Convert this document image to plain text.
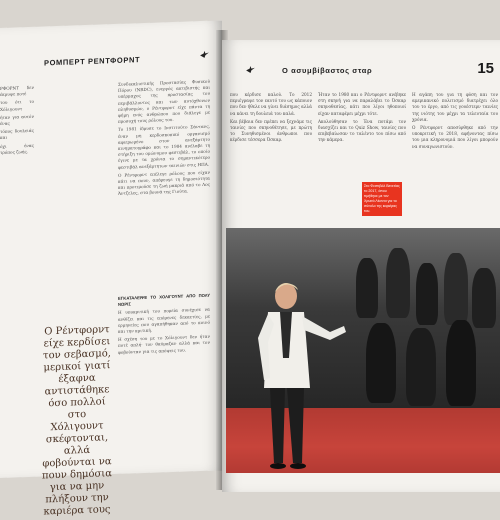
ΡΟΜΠΕΡΤ ΡΕΝΤΦΟΡΝΤ

ΡΦΟΡΝΤ δεν έκρυψε ποτέ

του ότι το Χόλιγουντ

ήταν για αυτόν ένας

τόπος δουλειάς και

όχι ένας τρόπος ζωής.

Συνδικαλιστικής Προστασίας Φυσικού Πόρου (NRDC), ενεργός ακτιβιστής και υπέρμαχος της προστασίας του περιβάλλοντος και των αυτόχθονων πληθυσμών, ο Ρέντφορντ είχε πάντα τη φήμη ενός ανθρώπου που διάλεγε με προσοχή τους ρόλους του.

Το 1981 ίδρυσε το Ινστιτούτο Σάντανς, έναν μη κερδοσκοπικό οργανισμό αφιερωμένο στον ανεξάρτητο κινηματογράφο και το 1984 ανέλαβε τη στήριξη του ομώνυμου φεστιβάλ, το οποίο έγινε με τα χρόνια το σημαντικότερο φεστιβάλ ανεξάρτητων ταινιών στις ΗΠΑ.

Ο Ρέντφορντ επέλεγε ρόλους που είχαν κάτι να πουν, απέφευγε τη δημοσιότητα και προτιμούσε τη ζωή μακριά από το Λος Άντζελες, στα βουνά της Γιούτα.

ΕΓΚΑΤΑΛΕΙΨΕ ΤΟ ΧΟΛΙΓΟΥΝΤ ΑΠΟ ΠΟΛΥ ΝΩΡΙΣ

Η υποκριτική του πορεία συνέχισε να ανθίζει και τις επόμενες δεκαετίες, με ερμηνείες που αγαπήθηκαν από το κοινό και την κριτική.

Η σχέση του με το Χόλιγουντ δεν ήταν ποτέ απλή· τον θαύμαζαν αλλά και τον φοβούνταν για τις απόψεις του.

Ο Ρέντφορντ είχε κερδίσει τον σεβασμό, μερικοί γιατί έξαφνα αντιστάθηκε όσο πολλοί στο Χόλιγουντ σκέφτονται, αλλά φοβούνται να πουν δημόσια για να μην πλήξουν την καριέρα τους
Ο ασυμβίβαστος σταρ	15

που κέρδισε καλού. Το 2012 περιέγραψε τον εαυτό του ως κάποιον που δεν ήθελε να γίνει διάσημος αλλά να κάνει τη δουλειά του καλά.

Και βέβαια δεν πρέπει να ξεχνάμε τις ταινίες που σκηνοθέτησε, με πρώτη το Συνηθισμένοι άνθρωποι που κέρδισε τέσσερα Όσκαρ.

Ήταν το 1980 και ο Ρέντφορντ ανέβηκε στη σκηνή για να παραλάβει το Όσκαρ σκηνοθεσίας, κάτι που λίγοι ηθοποιοί είχαν καταφέρει μέχρι τότε.

Ακολούθησαν το Ένα ποτάμι τον διασχίζει και το Quiz Show, ταινίες που επιβεβαίωσαν το ταλέντο του πίσω από την κάμερα.

Η αγάπη του για τη φύση και τον αμερικανικό πολιτισμό διατρέχει όλο του το έργο, από τις γουέστερν ταινίες της νιότης του μέχρι τα τελευταία του χρόνια.

Ο Ρέντφορντ αποσύρθηκε από την υποκριτική το 2018, αφήνοντας πίσω του μια κληρονομιά που λίγοι μπορούν να συναγωνιστούν.

Στο Φεστιβάλ Βενετίας το 2017, όπου τιμήθηκε με τον Χρυσό Λέοντα για το σύνολο της καριέρας του.
